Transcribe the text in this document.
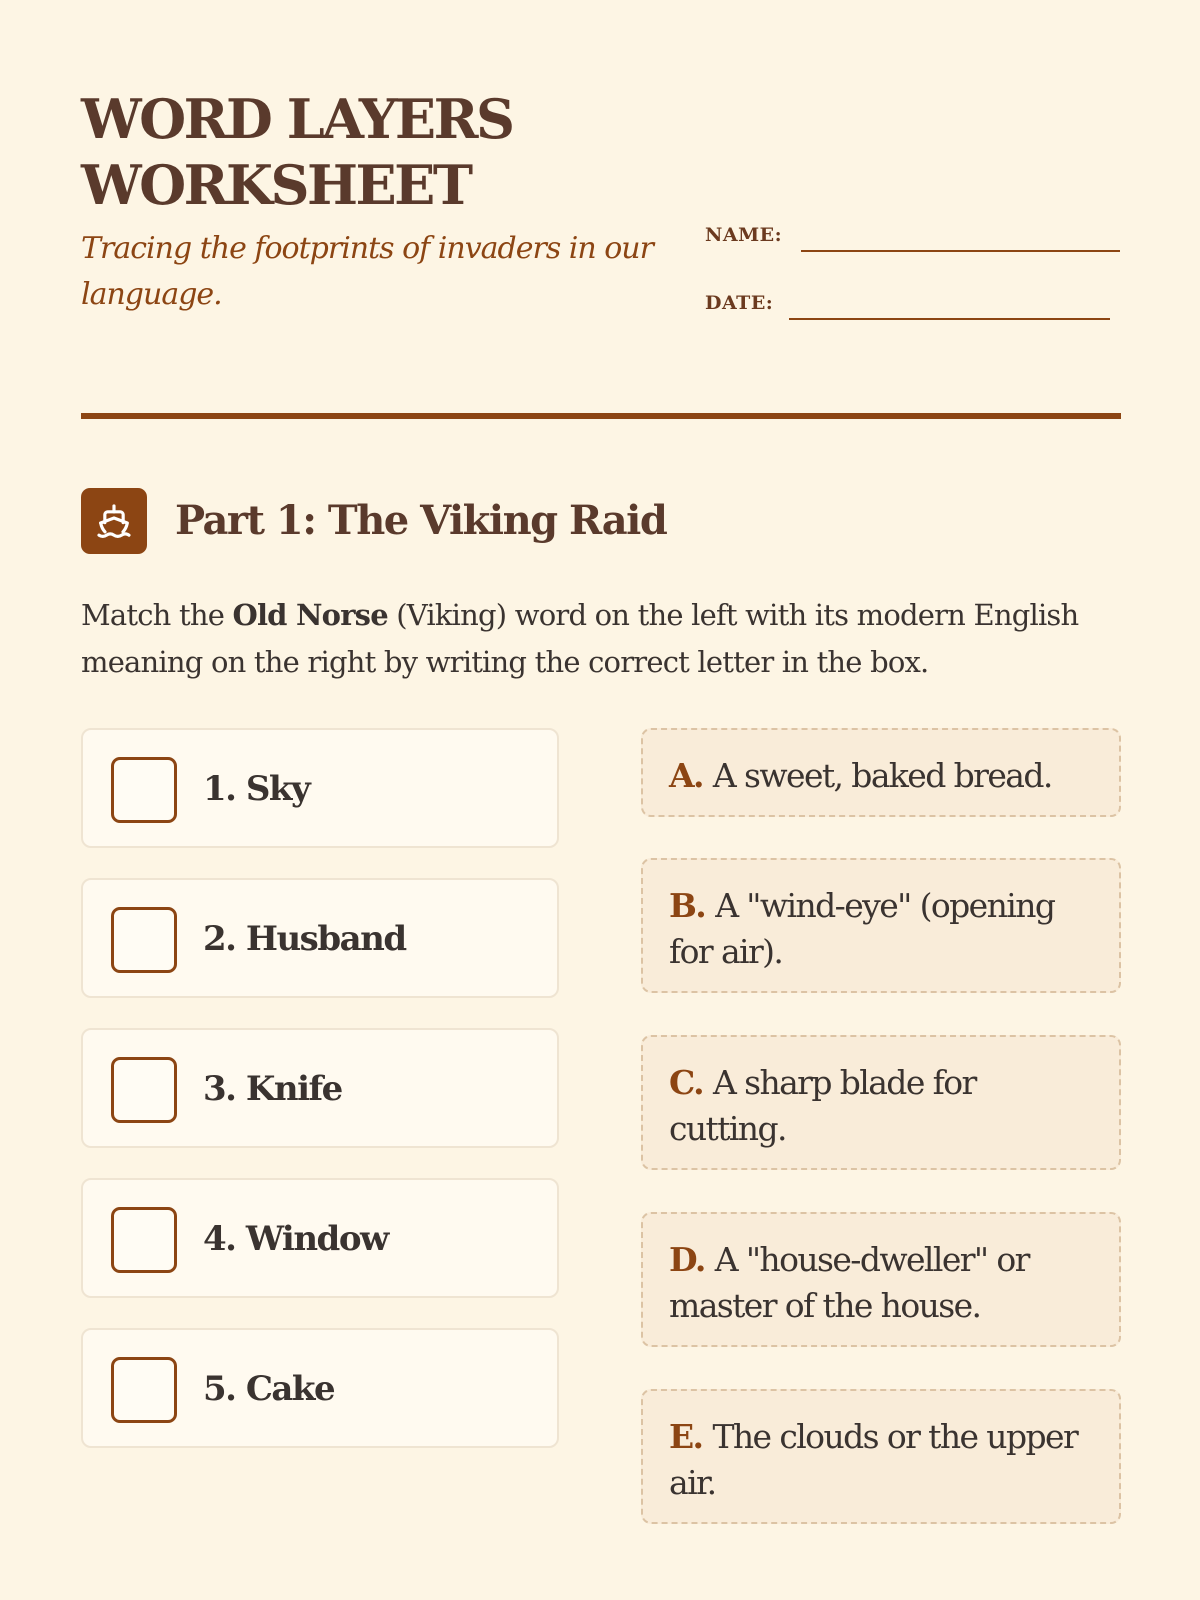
WORD LAYERS
WORKSHEET

Tracing the footprints of invaders in our language.

NAME:
DATE:
Part 1: The Viking Raid

Match the Old Norse (Viking) word on the left with its modern English meaning on the right by writing the correct letter in the box.

1. Sky
2. Husband
3. Knife
4. Window
5. Cake
A. A sweet, baked bread.
B. A "wind-eye" (opening for air).
C. A sharp blade for cutting.
D. A "house-dweller" or master of the house.
E. The clouds or the upper air.
